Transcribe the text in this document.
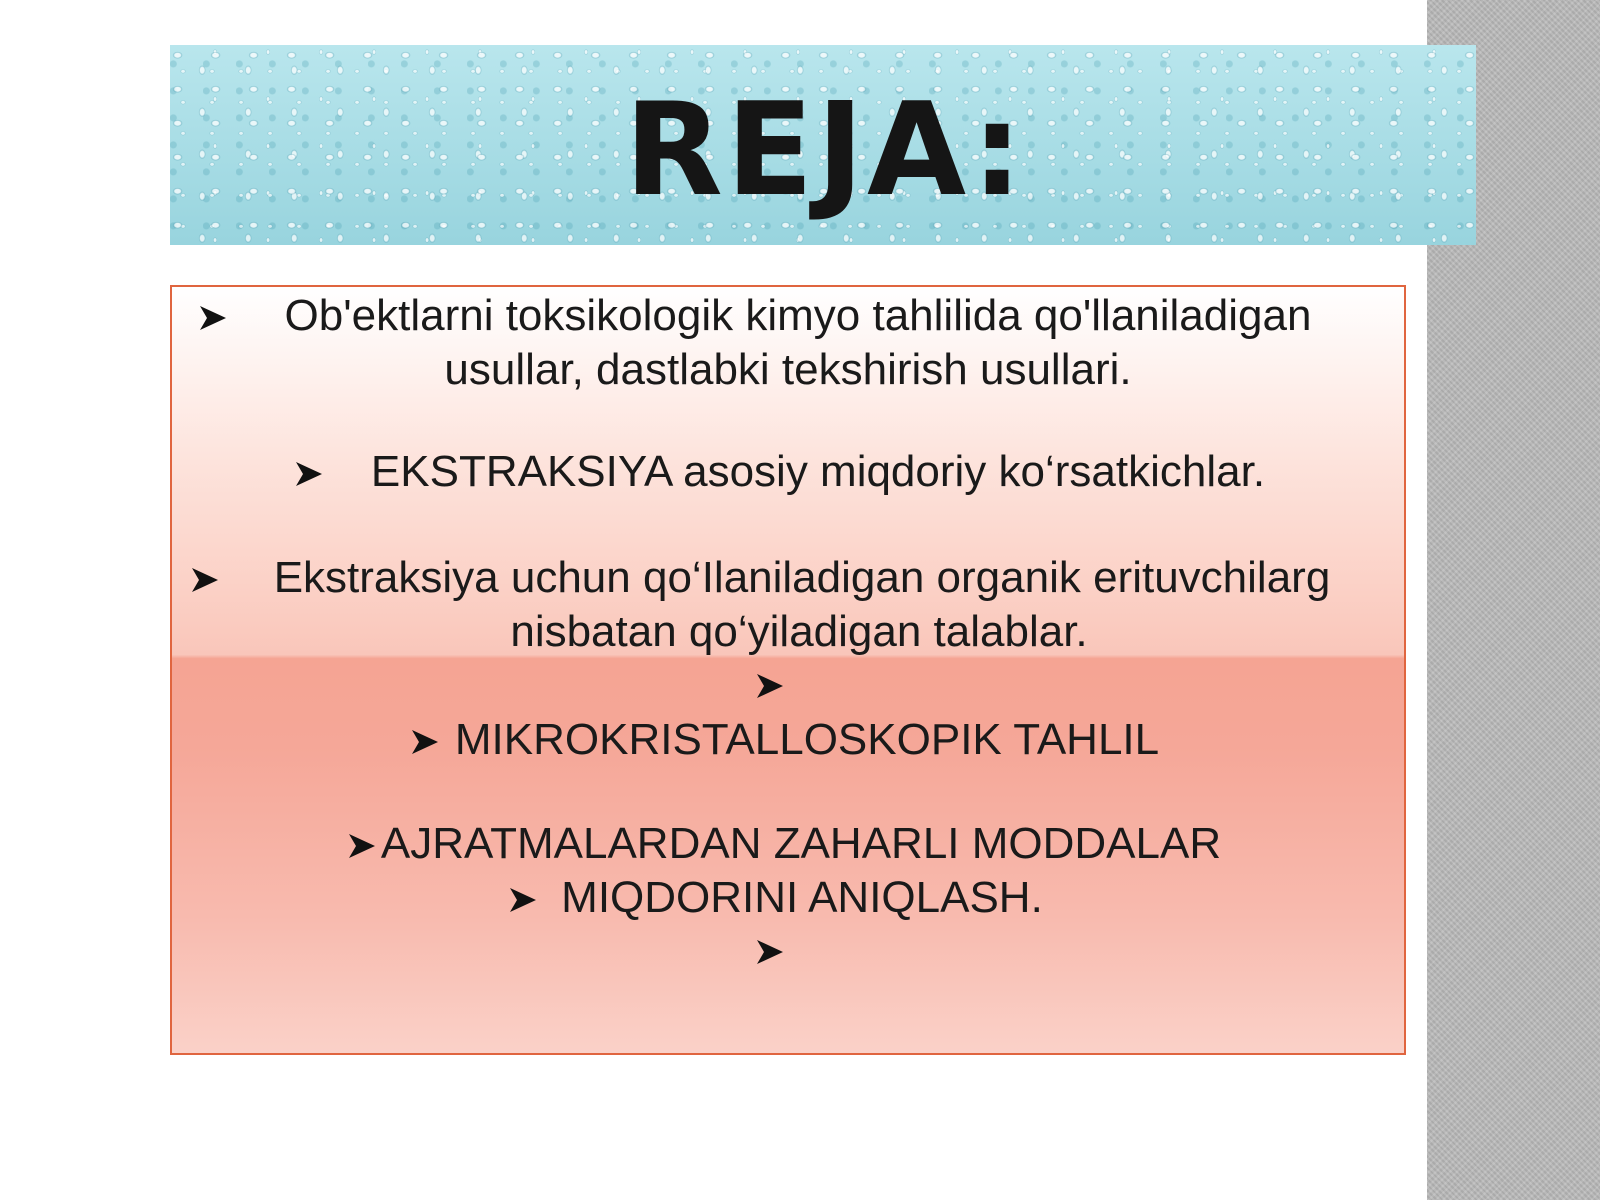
REJA:
Ob'ektlarni toksikologik kimyo tahlilida qo'llaniladigan
usullar, dastlabki tekshirish usullari.
EKSTRAKSIYA asosiy miqdoriy ko‘rsatkichlar.
Ekstraksiya uchun qo‘Ilaniladigan organik erituvchilarg
nisbatan qo‘yiladigan talablar.
MIKROKRISTALLOSKOPIK TAHLIL
AJRATMALARDAN ZAHARLI MODDALAR
MIQDORINI ANIQLASH.
